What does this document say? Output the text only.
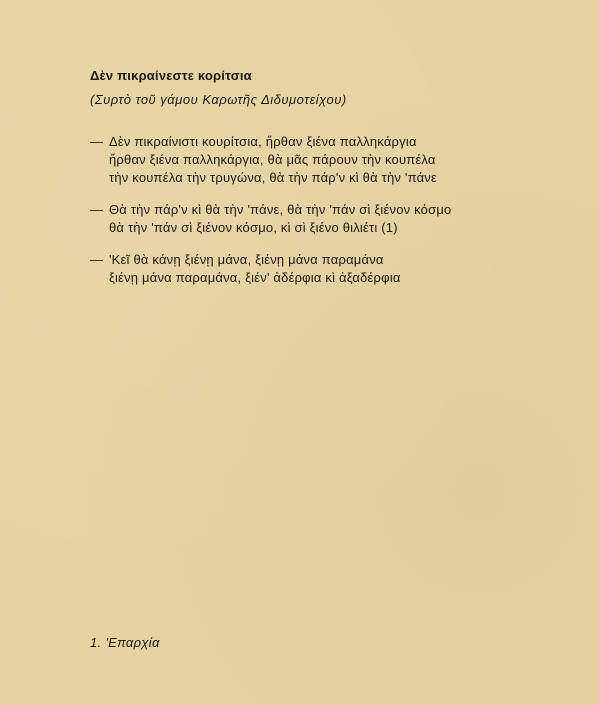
Δὲν πικραίνεστε κορίτσια
(Συρτὸ τοῦ γάμου Καρωτῆς Διδυμοτείχου)
— Δὲν πικραίνιστι κουρίτσια, ἤρθαν ξιένα παλληκάργια
ἤρθαν ξιένα παλληκάργια, θὰ μᾶς πάρουν τὴν κουπέλα
τὴν κουπέλα τὴν τρυγώνα, θὰ τὴν πάρ'ν κὶ θὰ τὴν 'πάνε
— Θὰ τὴν πάρ'ν κὶ θὰ τὴν 'πάνε, θὰ τὴν 'πάν σὶ ξιένον κόσμο
θὰ τὴν 'πάν σὶ ξιένον κόσμο, κὶ σὶ ξιένο θιλιέτι (1)
— 'Κεῖ θὰ κάνῃ ξιένῃ μάνα, ξιένῃ μάνα παραμάνα
ξιένῃ μάνα παραμάνα, ξιέν' ἀδέρφια κὶ ἀξαδέρφια
1. 'Επαρχία
